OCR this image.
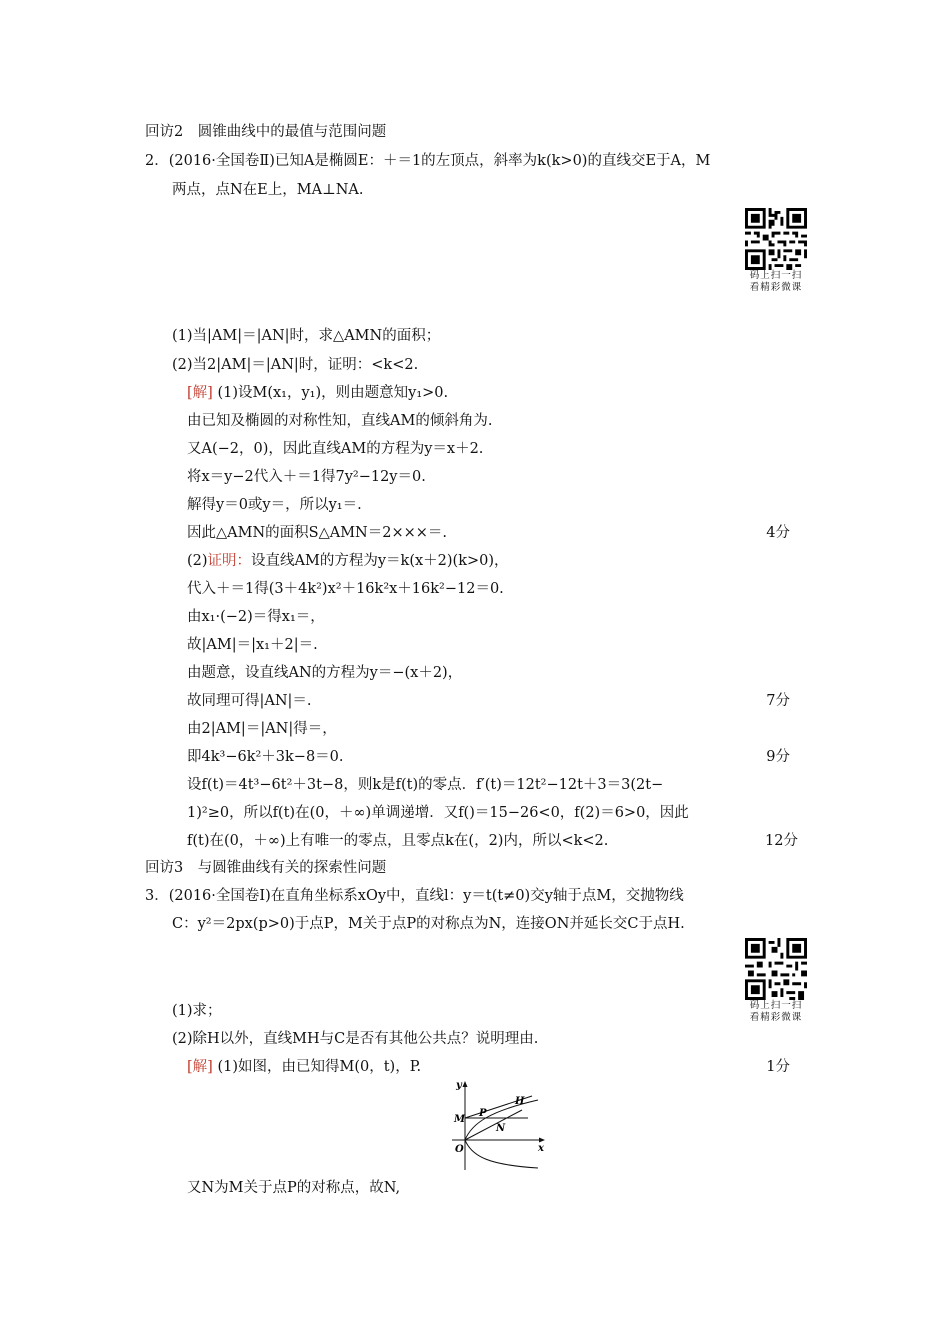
回访2　圆锥曲线中的最值与范围问题
2．(2016·全国卷Ⅱ)已知A是椭圆E：＋＝1的左顶点，斜率为k(k>0)的直线交E于A，M
两点，点N在E上，MA⊥NA.
码上扫一扫
看精彩微课
(1)当|AM|＝|AN|时，求△AMN的面积；
(2)当2|AM|＝|AN|时，证明：<k<2.
[解] (1)设M(x₁，y₁)，则由题意知y₁>0.
由已知及椭圆的对称性知，直线AM的倾斜角为.
又A(−2，0)，因此直线AM的方程为y＝x＋2.
将x＝y−2代入＋＝1得7y²−12y＝0.
解得y＝0或y＝，所以y₁＝.
因此△AMN的面积S△AMN＝2×××＝.	4分
(2)证明：设直线AM的方程为y＝k(x＋2)(k>0)，
代入＋＝1得(3＋4k²)x²＋16k²x＋16k²−12＝0.
由x₁·(−2)＝得x₁＝，
故|AM|＝|x₁＋2|＝.
由题意，设直线AN的方程为y＝−(x＋2)，
故同理可得|AN|＝.	7分
由2|AM|＝|AN|得＝，
即4k³−6k²＋3k−8＝0.	9分
设f(t)＝4t³−6t²＋3t−8，则k是f(t)的零点．f′(t)＝12t²−12t＋3＝3(2t−
1)²≥0，所以f(t)在(0，＋∞)单调递增．又f()＝15−26<0，f(2)＝6>0，因此
f(t)在(0，＋∞)上有唯一的零点，且零点k在(，2)内，所以<k<2.	12分
回访3　与圆锥曲线有关的探索性问题
3．(2016·全国卷Ⅰ)在直角坐标系xOy中，直线l：y＝t(t≠0)交y轴于点M，交抛物线
C：y²＝2px(p>0)于点P，M关于点P的对称点为N，连接ON并延长交C于点H.
码上扫一扫
看精彩微课
(1)求；
(2)除H以外，直线MH与C是否有其他公共点？说明理由.
[解] (1)如图，由已知得M(0，t)，P.	1分
y
x
O
M
P
N
H
又N为M关于点P的对称点，故N,
